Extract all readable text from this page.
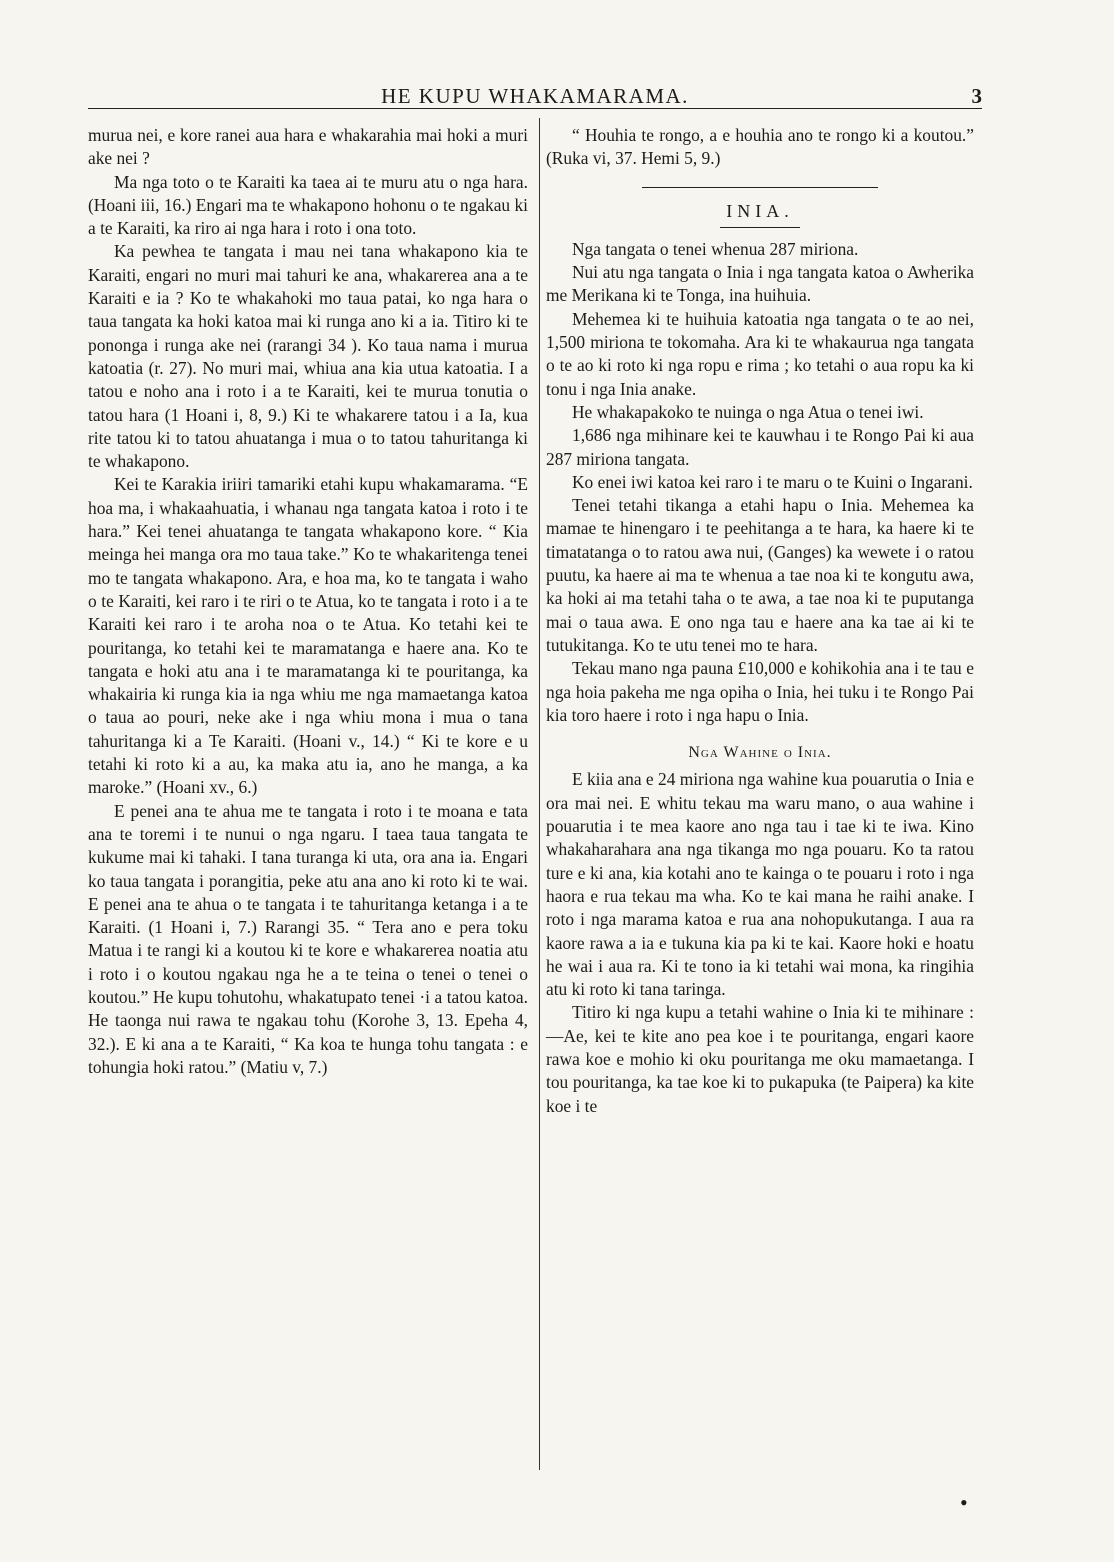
HE KUPU WHAKAMARAMA.	3

murua nei, e kore ranei aua hara e whakarahia mai hoki a muri ake nei ?

Ma nga toto o te Karaiti ka taea ai te muru atu o nga hara. (Hoani iii, 16.) Engari ma te whakapono hohonu o te ngakau ki a te Karaiti, ka riro ai nga hara i roto i ona toto.

Ka pewhea te tangata i mau nei tana whakapono kia te Karaiti, engari no muri mai tahuri ke ana, whakarerea ana a te Karaiti e ia ? Ko te whakahoki mo taua patai, ko nga hara o taua tangata ka hoki katoa mai ki runga ano ki a ia. Titiro ki te pononga i runga ake nei (rarangi 34 ). Ko taua nama i murua katoatia (r. 27). No muri mai, whiua ana kia utua katoatia. I a tatou e noho ana i roto i a te Karaiti, kei te murua tonutia o tatou hara (1 Hoani i, 8, 9.) Ki te whakarere tatou i a Ia, kua rite tatou ki to tatou ahuatanga i mua o to tatou tahuritanga ki te whakapono.

Kei te Karakia iriiri tamariki etahi kupu whakamarama. “E hoa ma, i whakaahuatia, i whanau nga tangata katoa i roto i te hara.” Kei tenei ahuatanga te tangata whakapono kore. “ Kia meinga hei manga ora mo taua take.” Ko te whakaritenga tenei mo te tangata whakapono. Ara, e hoa ma, ko te tangata i waho o te Karaiti, kei raro i te riri o te Atua, ko te tangata i roto i a te Karaiti kei raro i te aroha noa o te Atua. Ko tetahi kei te pouritanga, ko tetahi kei te maramatanga e haere ana. Ko te tangata e hoki atu ana i te maramatanga ki te pouritanga, ka whakairia ki runga kia ia nga whiu me nga mamaetanga katoa o taua ao pouri, neke ake i nga whiu mona i mua o tana tahuritanga ki a Te Karaiti. (Hoani v., 14.) “ Ki te kore e u tetahi ki roto ki a au, ka maka atu ia, ano he manga, a ka maroke.” (Hoani xv., 6.)

E penei ana te ahua me te tangata i roto i te moana e tata ana te toremi i te nunui o nga ngaru. I taea taua tangata te kukume mai ki tahaki. I tana turanga ki uta, ora ana ia. Engari ko taua tangata i porangitia, peke atu ana ano ki roto ki te wai. E penei ana te ahua o te tangata i te tahuritanga ketanga i a te Karaiti. (1 Hoani i, 7.) Rarangi 35. “ Tera ano e pera toku Matua i te rangi ki a koutou ki te kore e whakarerea noatia atu i roto i o koutou ngakau nga he a te teina o tenei o tenei o koutou.” He kupu tohutohu, whakatupato tenei ·i a tatou katoa. He taonga nui rawa te ngakau tohu (Korohe 3, 13. Epeha 4, 32.). E ki ana a te Karaiti, “ Ka koa te hunga tohu tangata : e tohungia hoki ratou.” (Matiu v, 7.)

“ Houhia te rongo, a e houhia ano te rongo ki a koutou.” (Ruka vi, 37. Hemi 5, 9.)

INIA.

Nga tangata o tenei whenua 287 miriona.

Nui atu nga tangata o Inia i nga tangata katoa o Awherika me Merikana ki te Tonga, ina huihuia.

Mehemea ki te huihuia katoatia nga tangata o te ao nei, 1,500 miriona te tokomaha. Ara ki te whakaurua nga tangata o te ao ki roto ki nga ropu e rima ; ko tetahi o aua ropu ka ki tonu i nga Inia anake.

He whakapakoko te nuinga o nga Atua o tenei iwi.

1,686 nga mihinare kei te kauwhau i te Rongo Pai ki aua 287 miriona tangata.

Ko enei iwi katoa kei raro i te maru o te Kuini o Ingarani.

Tenei tetahi tikanga a etahi hapu o Inia. Mehemea ka mamae te hinengaro i te peehitanga a te hara, ka haere ki te timatatanga o to ratou awa nui, (Ganges) ka wewete i o ratou puutu, ka haere ai ma te whenua a tae noa ki te kongutu awa, ka hoki ai ma tetahi taha o te awa, a tae noa ki te puputanga mai o taua awa. E ono nga tau e haere ana ka tae ai ki te tutukitanga. Ko te utu tenei mo te hara.

Tekau mano nga pauna £10,000 e kohikohia ana i te tau e nga hoia pakeha me nga opiha o Inia, hei tuku i te Rongo Pai kia toro haere i roto i nga hapu o Inia.

Nga Wahine o Inia.

E kiia ana e 24 miriona nga wahine kua pouarutia o Inia e ora mai nei. E whitu tekau ma waru mano, o aua wahine i pouarutia i te mea kaore ano nga tau i tae ki te iwa. Kino whakaharahara ana nga tikanga mo nga pouaru. Ko ta ratou ture e ki ana, kia kotahi ano te kainga o te pouaru i roto i nga haora e rua tekau ma wha. Ko te kai mana he raihi anake. I roto i nga marama katoa e rua ana nohopukutanga. I aua ra kaore rawa a ia e tukuna kia pa ki te kai. Kaore hoki e hoatu he wai i aua ra. Ki te tono ia ki tetahi wai mona, ka ringihia atu ki roto ki tana taringa.

Titiro ki nga kupu a tetahi wahine o Inia ki te mihinare :—Ae, kei te kite ano pea koe i te pouritanga, engari kaore rawa koe e mohio ki oku pouritanga me oku mamaetanga. I tou pouritanga, ka tae koe ki to pukapuka (te Paipera) ka kite koe i te

•
